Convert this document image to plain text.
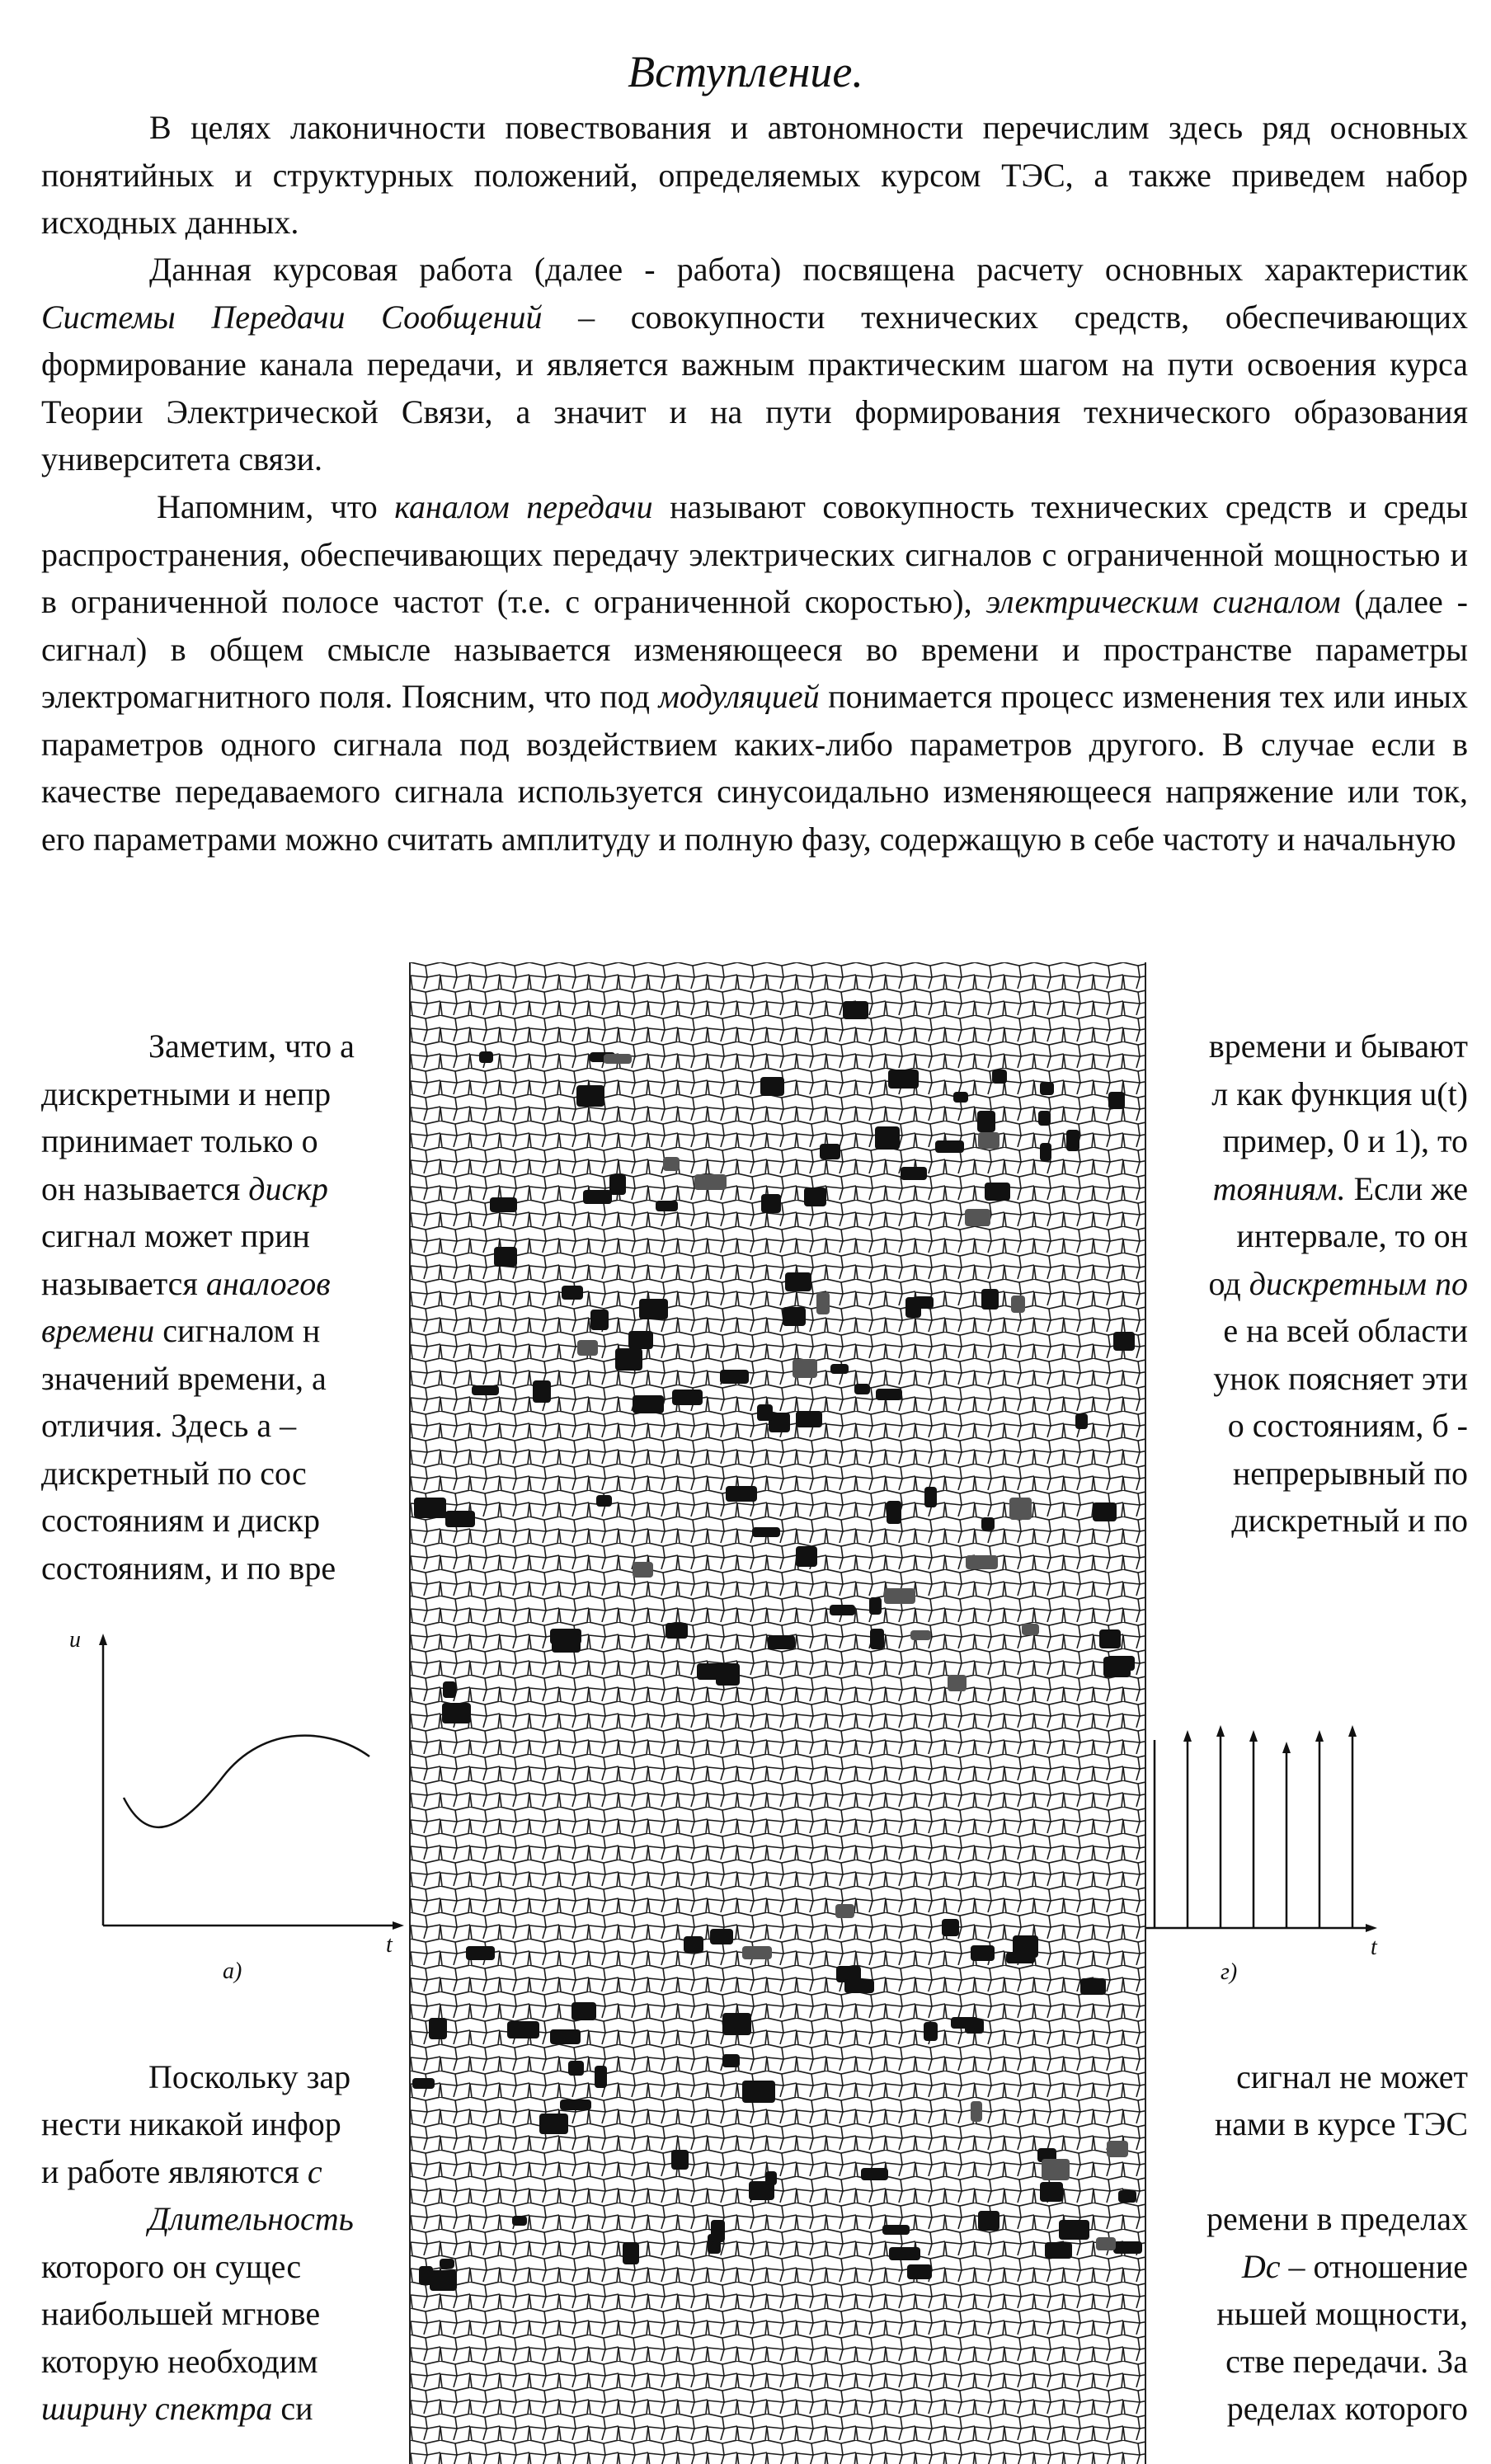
Вступление.

В целях лаконичности повествования и автономности перечислим здесь ряд основных понятийных и структурных положений, определяемых курсом ТЭС, а также приведем набор исходных данных.

Данная курсовая работа (далее - работа) посвящена расчету основных характеристик Системы Передачи Сообщений – совокупности технических средств, обеспечивающих формирование канала передачи, и является важным практическим шагом на пути освоения курса Теории Электрической Связи, а значит и на пути формирования технического образования университета связи.

Напомним, что каналом передачи называют совокупность технических средств и среды распространения, обеспечивающих передачу электрических сигналов с ограниченной мощностью и в ограниченной полосе частот (т.е. с ограниченной скоростью), электрическим сигналом (далее - сигнал) в общем смысле называется изменяющееся во времени и пространстве параметры электромагнитного поля. Поясним, что под модуляцией понимается процесс изменения тех или иных параметров одного сигнала под воздействием каких-либо параметров другого. В случае если в качестве передаваемого сигнала используется синусоидально изменяющееся напряжение или ток, его параметрами можно считать амплитуду и полную фазу, содержащую в себе частоту и начальную

Заметим, что а	времени и бывают
дискретными и непр	л как функция u(t)
принимает только о	пример, 0 и 1), то
он называется дискр	тояниям. Если же
сигнал может прин	интервале, то он
называется аналогов	од дискретным по
времени сигналом н	е на всей области
значений времени, а	унок поясняет эти
отличия. Здесь а –	о состояниям, б -
дискретный по сос	непрерывный по
состояниям и дискр	дискретный и по
состояниям, и по вре
u
t
а)
t
г)
Поскольку зар	сигнал не может
нести никакой инфор	нами в курсе ТЭС
и работе являются с
Длительность	ремени в пределах
которого он сущес	Dc – отношение
наибольшей мгнове	ньшей мощности,
которую необходим	стве передачи. За
ширину спектра си	ределах которого
